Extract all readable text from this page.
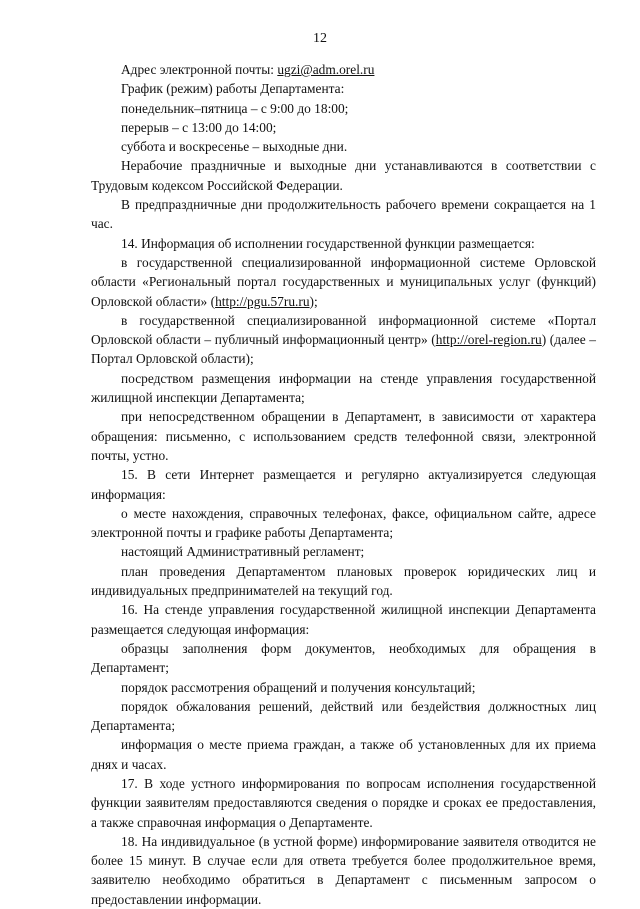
12

Адрес электронной почты: ugzi@adm.orel.ru

График (режим) работы Департамента:

понедельник–пятница – с 9:00 до 18:00;

перерыв – с 13:00 до 14:00;

суббота и воскресенье – выходные дни.

Нерабочие праздничные и выходные дни устанавливаются в соответствии с Трудовым кодексом Российской Федерации.

В предпраздничные дни продолжительность рабочего времени сокращается на 1 час.

14. Информация об исполнении государственной функции размещается:

в государственной специализированной информационной системе Орловской области «Региональный портал государственных и муниципальных услуг (функций) Орловской области» (http://pgu.57ru.ru);

в государственной специализированной информационной системе «Портал Орловской области – публичный информационный центр» (http://orel-region.ru) (далее – Портал Орловской области);

посредством размещения информации на стенде управления государственной жилищной инспекции Департамента;

при непосредственном обращении в Департамент, в зависимости от характера обращения: письменно, с использованием средств телефонной связи, электронной почты, устно.

15. В сети Интернет размещается и регулярно актуализируется следующая информация:

о месте нахождения, справочных телефонах, факсе, официальном сайте, адресе электронной почты и графике работы Департамента;

настоящий Административный регламент;

план проведения Департаментом плановых проверок юридических лиц и индивидуальных предпринимателей на текущий год.

16. На стенде управления государственной жилищной инспекции Департамента размещается следующая информация:

образцы заполнения форм документов, необходимых для обращения в Департамент;

порядок рассмотрения обращений и получения консультаций;

порядок обжалования решений, действий или бездействия должностных лиц Департамента;

информация о месте приема граждан, а также об установленных для их приема днях и часах.

17. В ходе устного информирования по вопросам исполнения государственной функции заявителям предоставляются сведения о порядке и сроках ее предоставления, а также справочная информация о Департаменте.

18. На индивидуальное (в устной форме) информирование заявителя отводится не более 15 минут. В случае если для ответа требуется более продолжительное время, заявителю необходимо обратиться в Департамент с письменным запросом о предоставлении информации.
